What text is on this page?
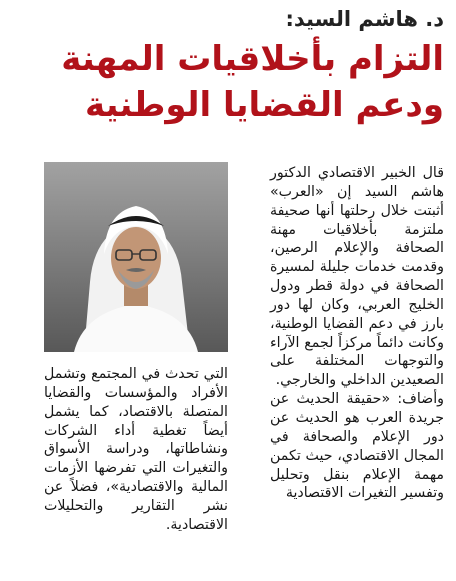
د. هاشم السيد:
التزام بأخلاقيات المهنة
ودعم القضايا الوطنية

قال الخبير الاقتصادي الدكتور هاشم السيد إن «العرب» أثبتت خلال رحلتها أنها صحيفة ملتزمة بأخلاقيات مهنة الصحافة والإعلام الرصين، وقدمت خدمات جليلة لمسيرة الصحافة في دولة قطر ودول الخليج العربي، وكان لها دور بارز في دعم القضايا الوطنية، وكانت دائماً مركزاً لجمع الآراء والتوجهات المختلفة على الصعيدين الداخلي والخارجي.

وأضاف: «حقيقة الحديث عن جريدة العرب هو الحديث عن دور الإعلام والصحافة في المجال الاقتصادي، حيث تكمن مهمة الإعلام بنقل وتحليل وتفسير التغيرات الاقتصادية

التي تحدث في المجتمع وتشمل الأفراد والمؤسسات والقضايا المتصلة بالاقتصاد، كما يشمل أيضاً تغطية أداء الشركات ونشاطاتها، ودراسة الأسواق والتغيرات التي تفرضها الأزمات المالية والاقتصادية»، فضلاً عن نشر التقارير والتحليلات الاقتصادية.
